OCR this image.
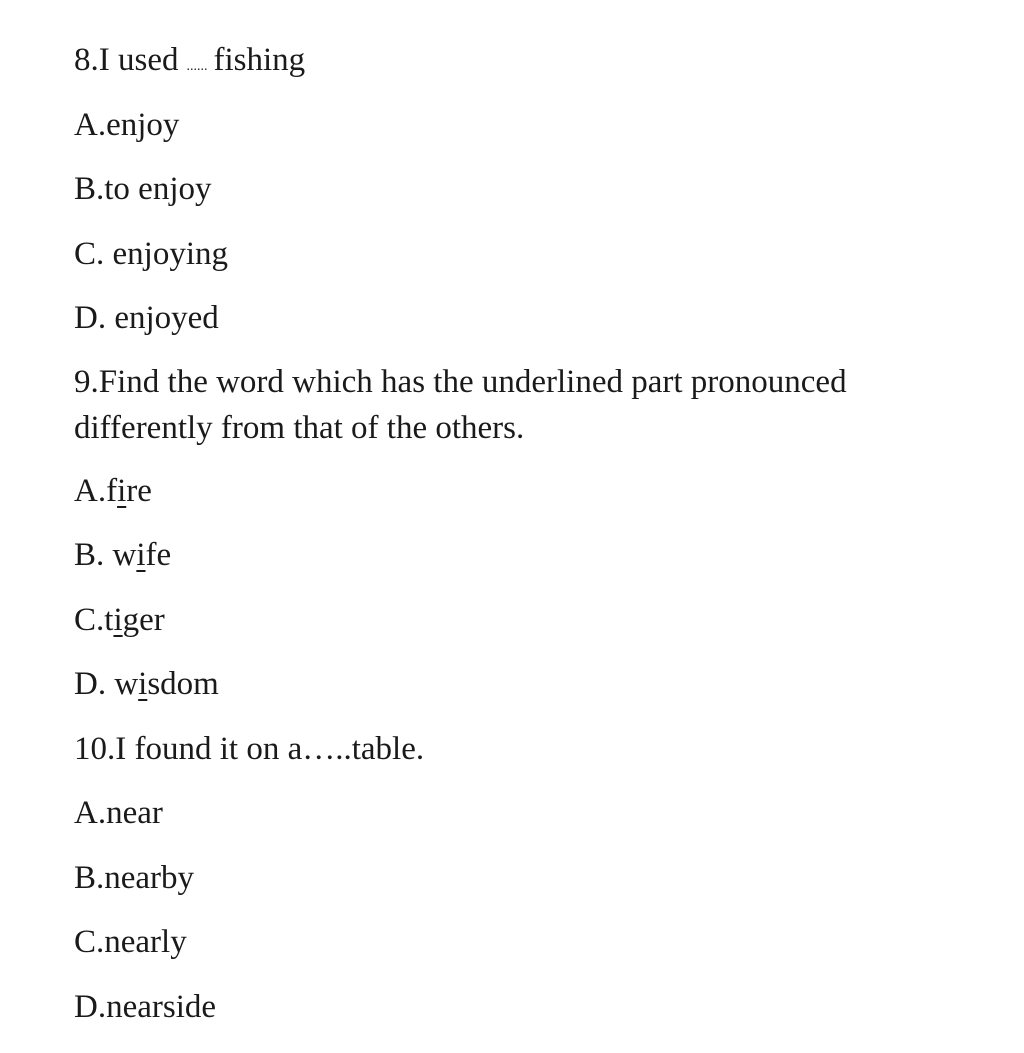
8.I used ...... fishing
A.enjoy
B.to enjoy
C. enjoying
D. enjoyed
9.Find the word which has the underlined part pronounced differently from that of the others.
A.fire
B. wife
C.tiger
D. wisdom
10.I found it on a…..table.
A.near
B.nearby
C.nearly
D.nearside
